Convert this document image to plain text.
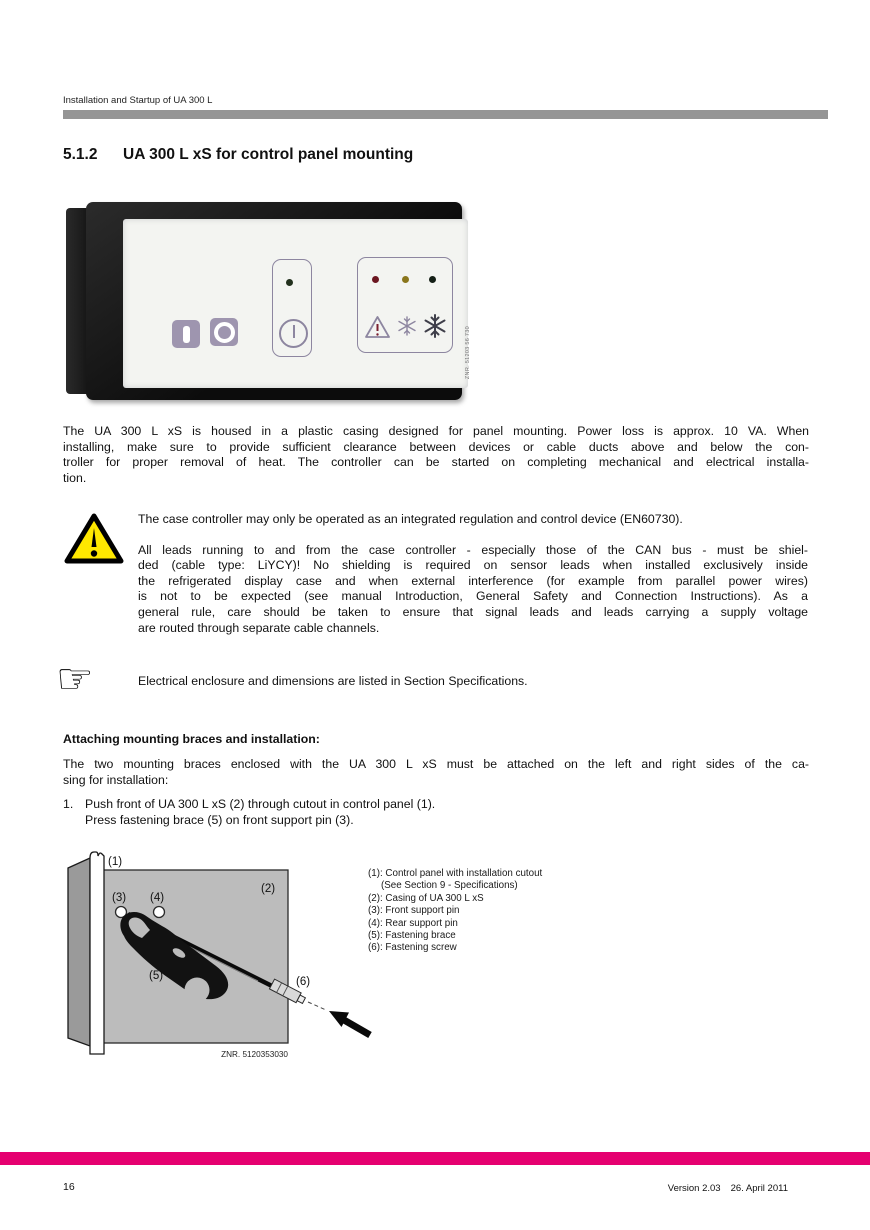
Installation and Startup of UA 300 L
5.1.2 UA 300 L xS for control panel mounting
ZNR. 51203 56 730
The UA 300 L xS is housed in a plastic casing designed for panel mounting. Power loss is approx. 10 VA. When
installing, make sure to provide sufficient clearance between devices or cable ducts above and below the con-
troller for proper removal of heat. The controller can be started on completing mechanical and electrical installa-
tion.
The case controller may only be operated as an integrated regulation and control device (EN60730).
All leads running to and from the case controller - especially those of the CAN bus - must be shiel-
ded (cable type: LiYCY)! No shielding is required on sensor leads when installed exclusively inside
the refrigerated display case and when external interference (for example from parallel power wires)
is not to be expected (see manual Introduction, General Safety and Connection Instructions). As a
general rule, care should be taken to ensure that signal leads and leads carrying a supply voltage
are routed through separate cable channels.
☞	Electrical enclosure and dimensions are listed in Section Specifications.
Attaching mounting braces and installation:
The two mounting braces enclosed with the UA 300 L xS must be attached on the left and right sides of the ca-
sing for installation:
1. Push front of UA 300 L xS (2) through cutout in control panel (1).
Press fastening brace (5) on front support pin (3).
(1)
(2)
(3) (4)
(5)	(6)
ZNR. 5120353030
(1): Control panel with installation cutout
(See Section 9 - Specifications)
(2): Casing of UA 300 L xS
(3): Front support pin
(4): Rear support pin
(5): Fastening brace
(6): Fastening screw
16	Version 2.03 26. April 2011
